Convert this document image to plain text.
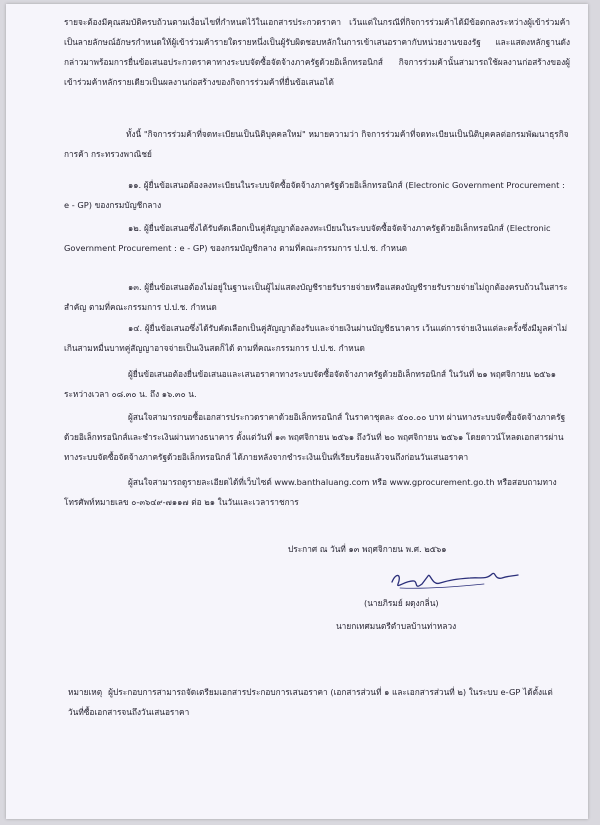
รายจะต้องมีคุณสมบัติครบถ้วนตามเงื่อนไขที่กำหนดไว้ในเอกสารประกวดราคา เว้นแต่ในกรณีที่กิจการร่วมค้าได้มีข้อตกลงระหว่างผู้เข้าร่วมค้าเป็นลายลักษณ์อักษรกำหนดให้ผู้เข้าร่วมค้ารายใดรายหนึ่งเป็นผู้รับผิดชอบหลักในการเข้าเสนอราคากับหน่วยงานของรัฐ และแสดงหลักฐานดังกล่าวมาพร้อมการยื่นข้อเสนอประกวดราคาทางระบบจัดซื้อจัดจ้างภาครัฐด้วยอิเล็กทรอนิกส์ กิจการร่วมค้านั้นสามารถใช้ผลงานก่อสร้างของผู้เข้าร่วมค้าหลักรายเดียวเป็นผลงานก่อสร้างของกิจการร่วมค้าที่ยื่นข้อเสนอได้

ทั้งนี้ "กิจการร่วมค้าที่จดทะเบียนเป็นนิติบุคคลใหม่" หมายความว่า กิจการร่วมค้าที่จดทะเบียนเป็นนิติบุคคลต่อกรมพัฒนาธุรกิจการค้า กระทรวงพาณิชย์

๑๑. ผู้ยื่นข้อเสนอต้องลงทะเบียนในระบบจัดซื้อจัดจ้างภาครัฐด้วยอิเล็กทรอนิกส์ (Electronic Government Procurement : e - GP) ของกรมบัญชีกลาง

๑๒. ผู้ยื่นข้อเสนอซึ่งได้รับคัดเลือกเป็นคู่สัญญาต้องลงทะเบียนในระบบจัดซื้อจัดจ้างภาครัฐด้วยอิเล็กทรอนิกส์ (Electronic Government Procurement : e - GP) ของกรมบัญชีกลาง ตามที่คณะกรรมการ ป.ป.ช. กำหนด

๑๓. ผู้ยื่นข้อเสนอต้องไม่อยู่ในฐานะเป็นผู้ไม่แสดงบัญชีรายรับรายจ่ายหรือแสดงบัญชีรายรับรายจ่ายไม่ถูกต้องครบถ้วนในสาระสำคัญ ตามที่คณะกรรมการ ป.ป.ช. กำหนด

๑๔. ผู้ยื่นข้อเสนอซึ่งได้รับคัดเลือกเป็นคู่สัญญาต้องรับและจ่ายเงินผ่านบัญชีธนาคาร เว้นแต่การจ่ายเงินแต่ละครั้งซึ่งมีมูลค่าไม่เกินสามหมื่นบาทคู่สัญญาอาจจ่ายเป็นเงินสดก็ได้ ตามที่คณะกรรมการ ป.ป.ช. กำหนด

ผู้ยื่นข้อเสนอต้องยื่นข้อเสนอและเสนอราคาทางระบบจัดซื้อจัดจ้างภาครัฐด้วยอิเล็กทรอนิกส์ ในวันที่ ๒๑ พฤศจิกายน ๒๕๖๑ ระหว่างเวลา ๐๘.๓๐ น. ถึง ๑๖.๓๐ น.

ผู้สนใจสามารถขอซื้อเอกสารประกวดราคาด้วยอิเล็กทรอนิกส์ ในราคาชุดละ ๕๐๐.๐๐ บาท ผ่านทางระบบจัดซื้อจัดจ้างภาครัฐด้วยอิเล็กทรอนิกส์และชำระเงินผ่านทางธนาคาร ตั้งแต่วันที่ ๑๓ พฤศจิกายน ๒๕๖๑ ถึงวันที่ ๒๐ พฤศจิกายน ๒๕๖๑ โดยดาวน์โหลดเอกสารผ่านทางระบบจัดซื้อจัดจ้างภาครัฐด้วยอิเล็กทรอนิกส์ ได้ภายหลังจากชำระเงินเป็นที่เรียบร้อยแล้วจนถึงก่อนวันเสนอราคา

ผู้สนใจสามารถดูรายละเอียดได้ที่เว็บไซต์ www.banthaluang.com หรือ www.gprocurement.go.th หรือสอบถามทางโทรศัพท์หมายเลข ๐-๓๖๔๙-๗๑๑๗ ต่อ ๒๑ ในวันและเวลาราชการ

ประกาศ ณ วันที่ ๑๓ พฤศจิกายน พ.ศ. ๒๕๖๑
(นายภิรมย์ ผดุงกลิ่น)
นายกเทศมนตรีตำบลบ้านท่าหลวง

หมายเหตุ ผู้ประกอบการสามารถจัดเตรียมเอกสารประกอบการเสนอราคา (เอกสารส่วนที่ ๑ และเอกสารส่วนที่ ๒) ในระบบ e-GP ได้ตั้งแต่วันที่ซื้อเอกสารจนถึงวันเสนอราคา
